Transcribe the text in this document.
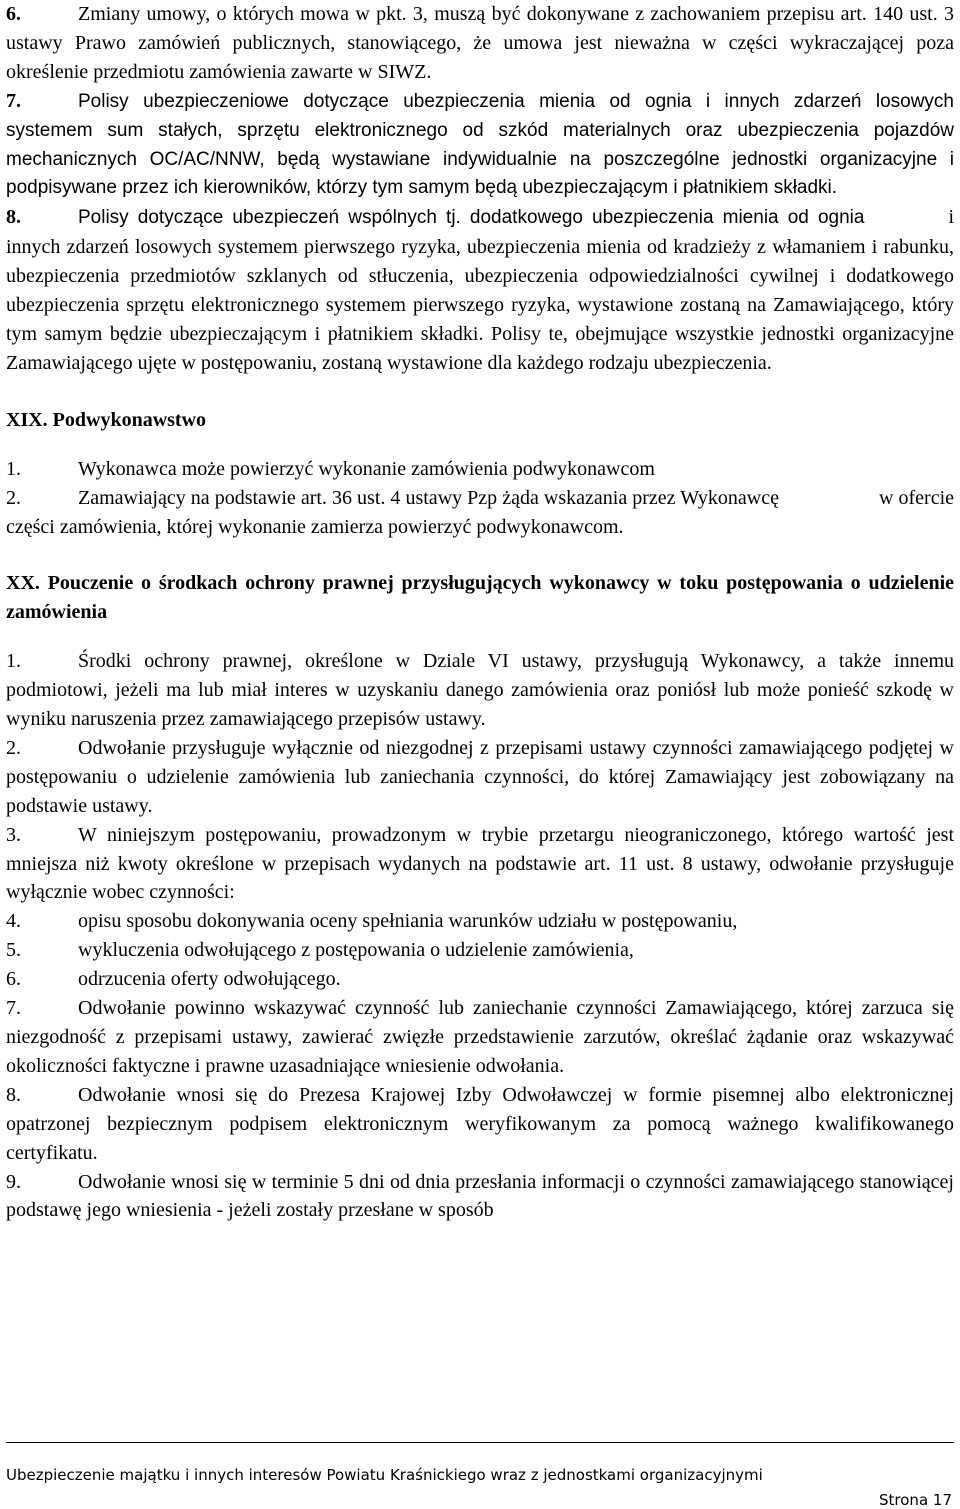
6.	Zmiany umowy, o których mowa w pkt. 3, muszą być dokonywane z zachowaniem przepisu art. 140 ust. 3 ustawy Prawo zamówień publicznych, stanowiącego, że umowa jest nieważna w części wykraczającej poza określenie przedmiotu zamówienia zawarte w SIWZ.

7.	Polisy ubezpieczeniowe dotyczące ubezpieczenia mienia od ognia i innych zdarzeń losowych systemem sum stałych, sprzętu elektronicznego od szkód materialnych oraz ubezpieczenia pojazdów mechanicznych OC/AC/NNW, będą wystawiane indywidualnie na poszczególne jednostki organizacyjne i podpisywane przez ich kierowników, którzy tym samym będą ubezpieczającym i płatnikiem składki.

8.	Polisy dotyczące ubezpieczeń wspólnych tj. dodatkowego ubezpieczenia mienia od ognia	i innych zdarzeń losowych systemem pierwszego ryzyka, ubezpieczenia mienia od kradzieży z włamaniem i rabunku, ubezpieczenia przedmiotów szklanych od stłuczenia, ubezpieczenia odpowiedzialności cywilnej i dodatkowego ubezpieczenia sprzętu elektronicznego systemem pierwszego ryzyka, wystawione zostaną na Zamawiającego, który tym samym będzie ubezpieczającym i płatnikiem składki. Polisy te, obejmujące wszystkie jednostki organizacyjne Zamawiającego ujęte w postępowaniu, zostaną wystawione dla każdego rodzaju ubezpieczenia.

XIX. Podwykonawstwo

1.	Wykonawca może powierzyć wykonanie zamówienia podwykonawcom

2.	Zamawiający na podstawie art. 36 ust. 4 ustawy Pzp żąda wskazania przez Wykonawcę	w ofercie części zamówienia, której wykonanie zamierza powierzyć podwykonawcom.

XX. Pouczenie o środkach ochrony prawnej przysługujących wykonawcy w toku postępowania o udzielenie zamówienia

1.	Środki ochrony prawnej, określone w Dziale VI ustawy, przysługują Wykonawcy, a także innemu podmiotowi, jeżeli ma lub miał interes w uzyskaniu danego zamówienia oraz poniósł lub może ponieść szkodę w wyniku naruszenia przez zamawiającego przepisów ustawy.

2.	Odwołanie przysługuje wyłącznie od niezgodnej z przepisami ustawy czynności zamawiającego podjętej w postępowaniu o udzielenie zamówienia lub zaniechania czynności, do której Zamawiający jest zobowiązany na podstawie ustawy.

3.	W niniejszym postępowaniu, prowadzonym w trybie przetargu nieograniczonego, którego wartość jest mniejsza niż kwoty określone w przepisach wydanych na podstawie art. 11 ust. 8 ustawy, odwołanie przysługuje wyłącznie wobec czynności:

4.	opisu sposobu dokonywania oceny spełniania warunków udziału w postępowaniu,

5.	wykluczenia odwołującego z postępowania o udzielenie zamówienia,

6.	odrzucenia oferty odwołującego.

7.	Odwołanie powinno wskazywać czynność lub zaniechanie czynności Zamawiającego, której zarzuca się niezgodność z przepisami ustawy, zawierać zwięzłe przedstawienie zarzutów, określać żądanie oraz wskazywać okoliczności faktyczne i prawne uzasadniające wniesienie odwołania.

8.	Odwołanie wnosi się do Prezesa Krajowej Izby Odwoławczej w formie pisemnej albo elektronicznej opatrzonej bezpiecznym podpisem elektronicznym weryfikowanym za pomocą ważnego kwalifikowanego certyfikatu.

9.	Odwołanie wnosi się w terminie 5 dni od dnia przesłania informacji o czynności zamawiającego stanowiącej podstawę jego wniesienia - jeżeli zostały przesłane w sposób

Ubezpieczenie majątku i innych interesów Powiatu Kraśnickiego wraz z jednostkami organizacyjnymi
Strona 17
